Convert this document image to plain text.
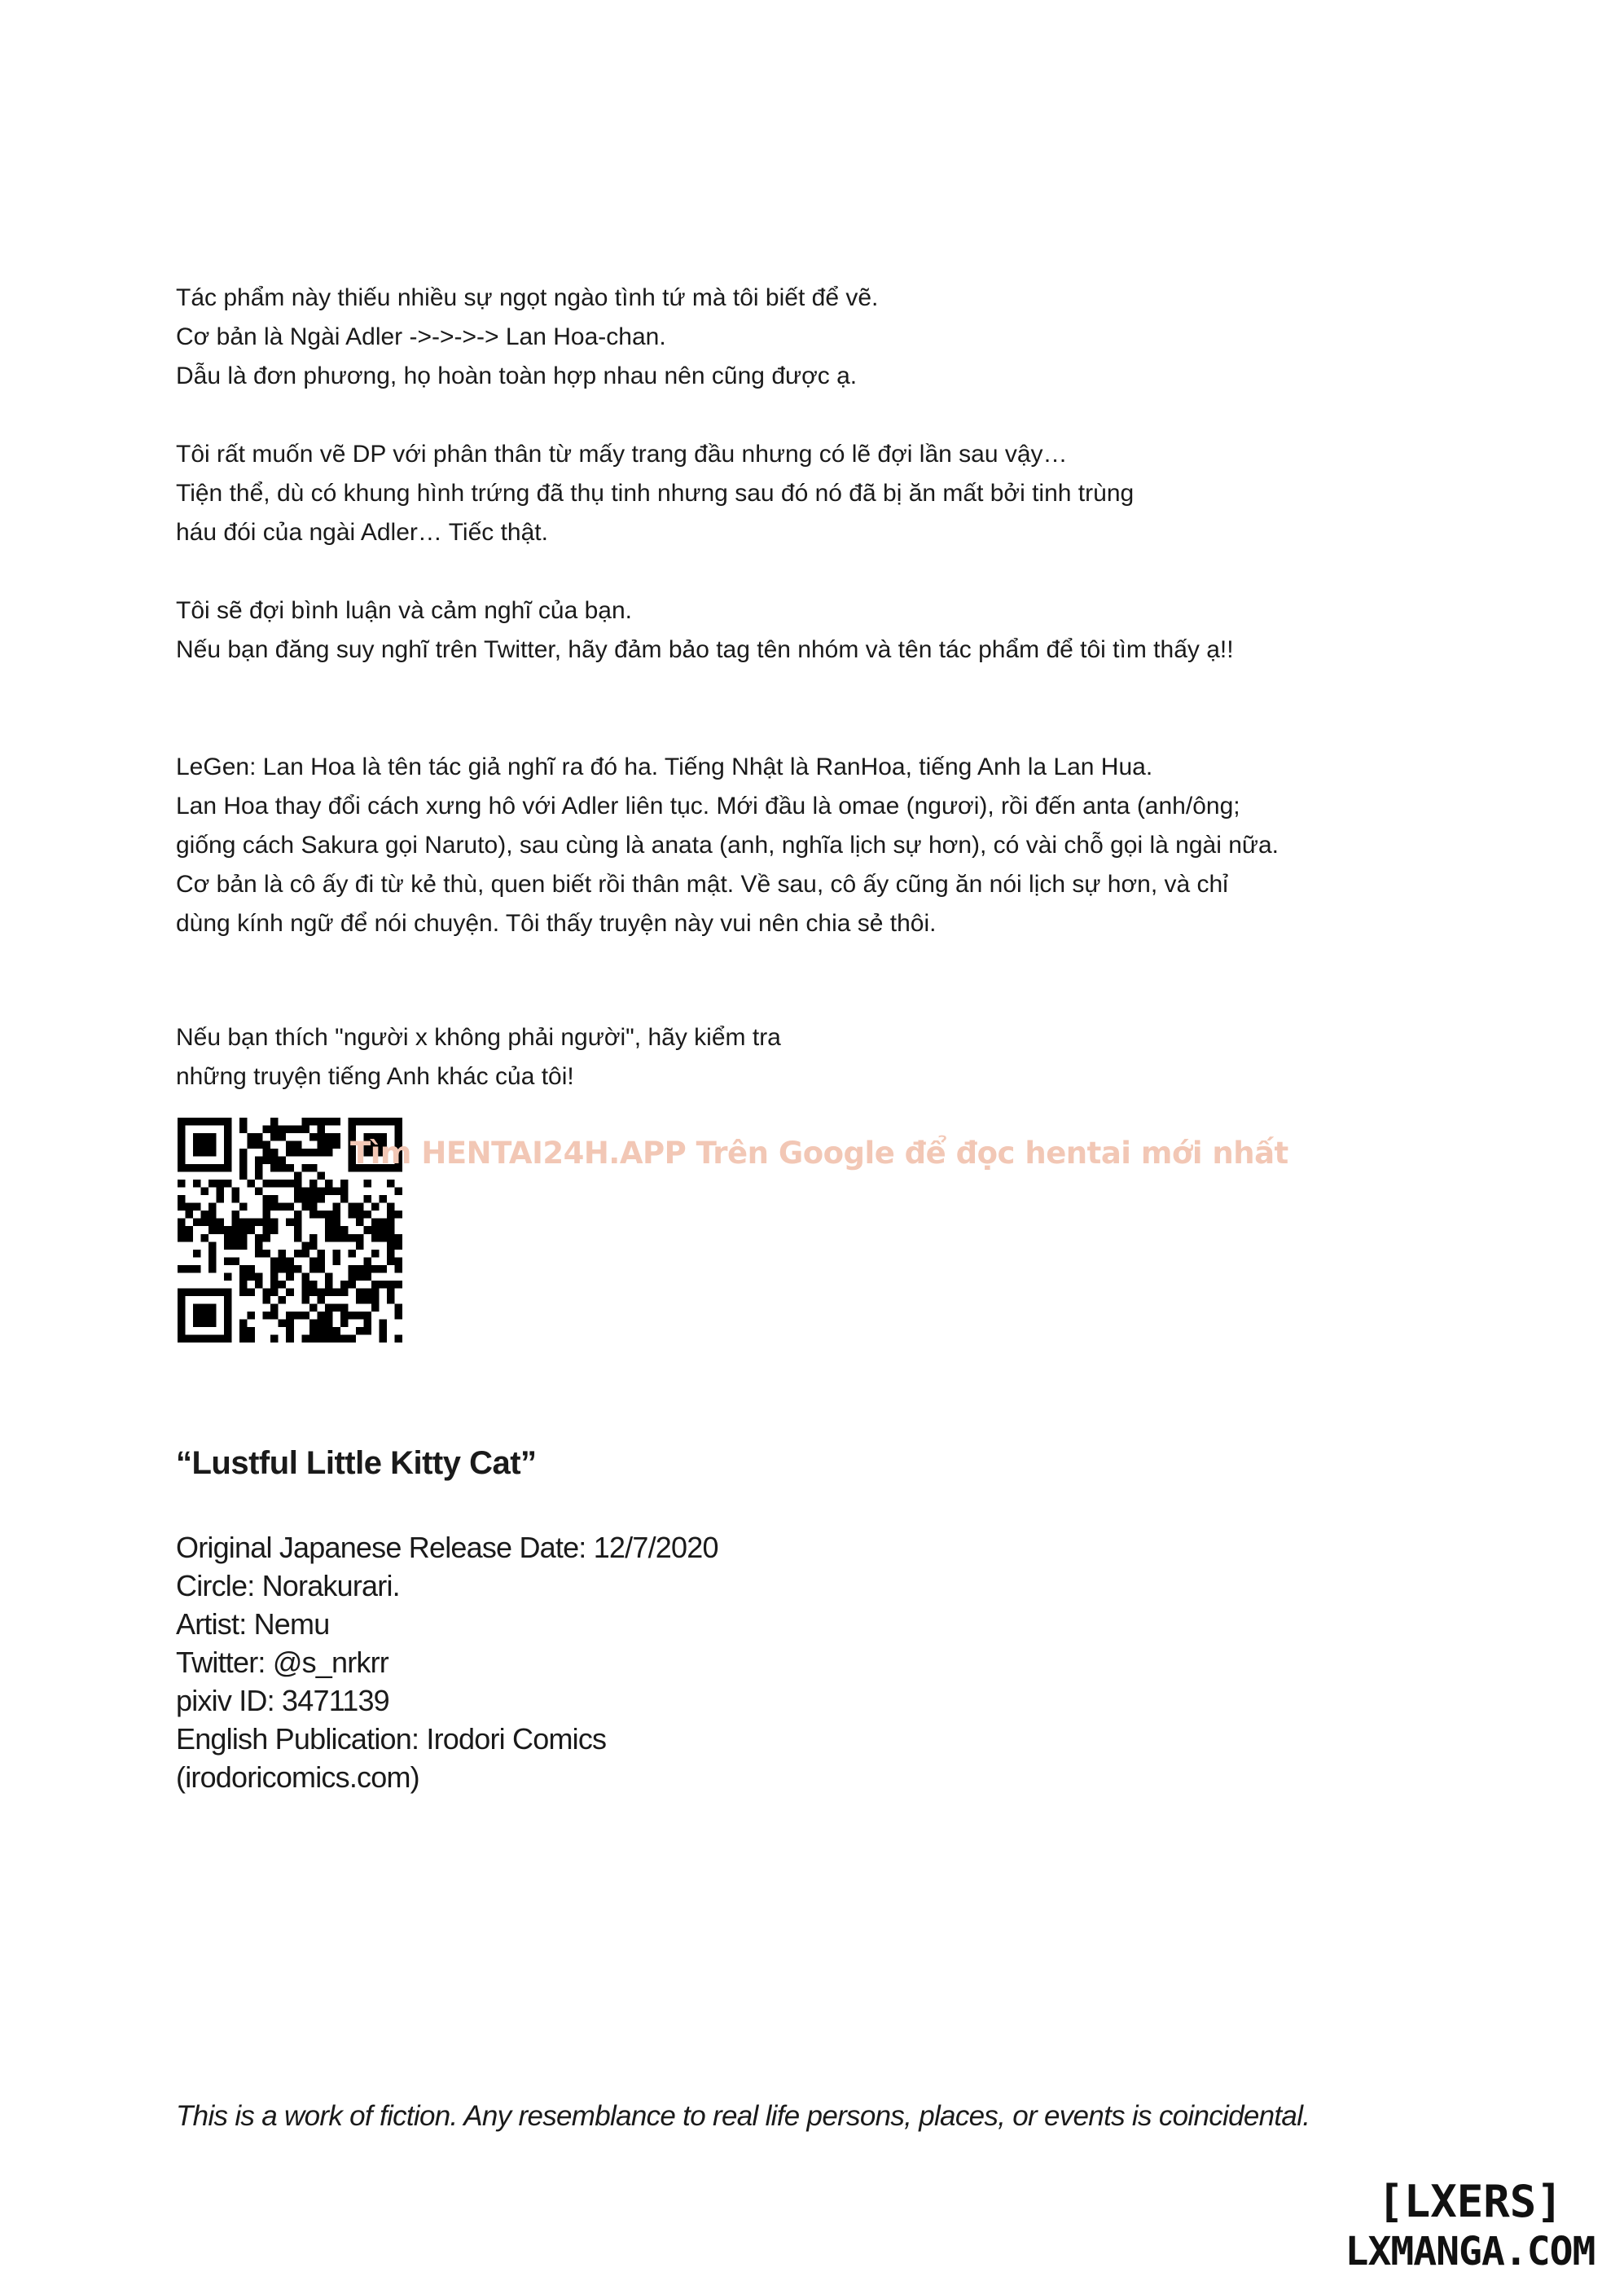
Tác phẩm này thiếu nhiều sự ngọt ngào tình tứ mà tôi biết để vẽ.

Cơ bản là Ngài Adler ->->->-> Lan Hoa-chan.

Dẫu là đơn phương, họ hoàn toàn hợp nhau nên cũng được ạ.

Tôi rất muốn vẽ DP với phân thân từ mấy trang đầu nhưng có lẽ đợi lần sau vậy…

Tiện thể, dù có khung hình trứng đã thụ tinh nhưng sau đó nó đã bị ăn mất bởi tinh trùng

háu đói của ngài Adler… Tiếc thật.

Tôi sẽ đợi bình luận và cảm nghĩ của bạn.

Nếu bạn đăng suy nghĩ trên Twitter, hãy đảm bảo tag tên nhóm và tên tác phẩm để tôi tìm thấy ạ!!

LeGen: Lan Hoa là tên tác giả nghĩ ra đó ha. Tiếng Nhật là RanHoa, tiếng Anh la Lan Hua.

Lan Hoa thay đổi cách xưng hô với Adler liên tục. Mới đầu là omae (ngươi), rồi đến anta (anh/ông;

giống cách Sakura gọi Naruto), sau cùng là anata (anh, nghĩa lịch sự hơn), có vài chỗ gọi là ngài nữa.

Cơ bản là cô ấy đi từ kẻ thù, quen biết rồi thân mật. Về sau, cô ấy cũng ăn nói lịch sự hơn, và chỉ

dùng kính ngữ để nói chuyện. Tôi thấy truyện này vui nên chia sẻ thôi.

Nếu bạn thích "người x không phải người", hãy kiểm tra

những truyện tiếng Anh khác của tôi!

Tìm HENTAI24H.APP Trên Google để đọc hentai mới nhất
“Lustful Little Kitty Cat”

Original Japanese Release Date: 12/7/2020

Circle: Norakurari.

Artist: Nemu

Twitter: @s_nrkrr

pixiv ID: 3471139

English Publication: Irodori Comics

(irodoricomics.com)

This is a work of fiction. Any resemblance to real life persons, places, or events is coincidental.

[LXERS]
LXMANGA.COM
